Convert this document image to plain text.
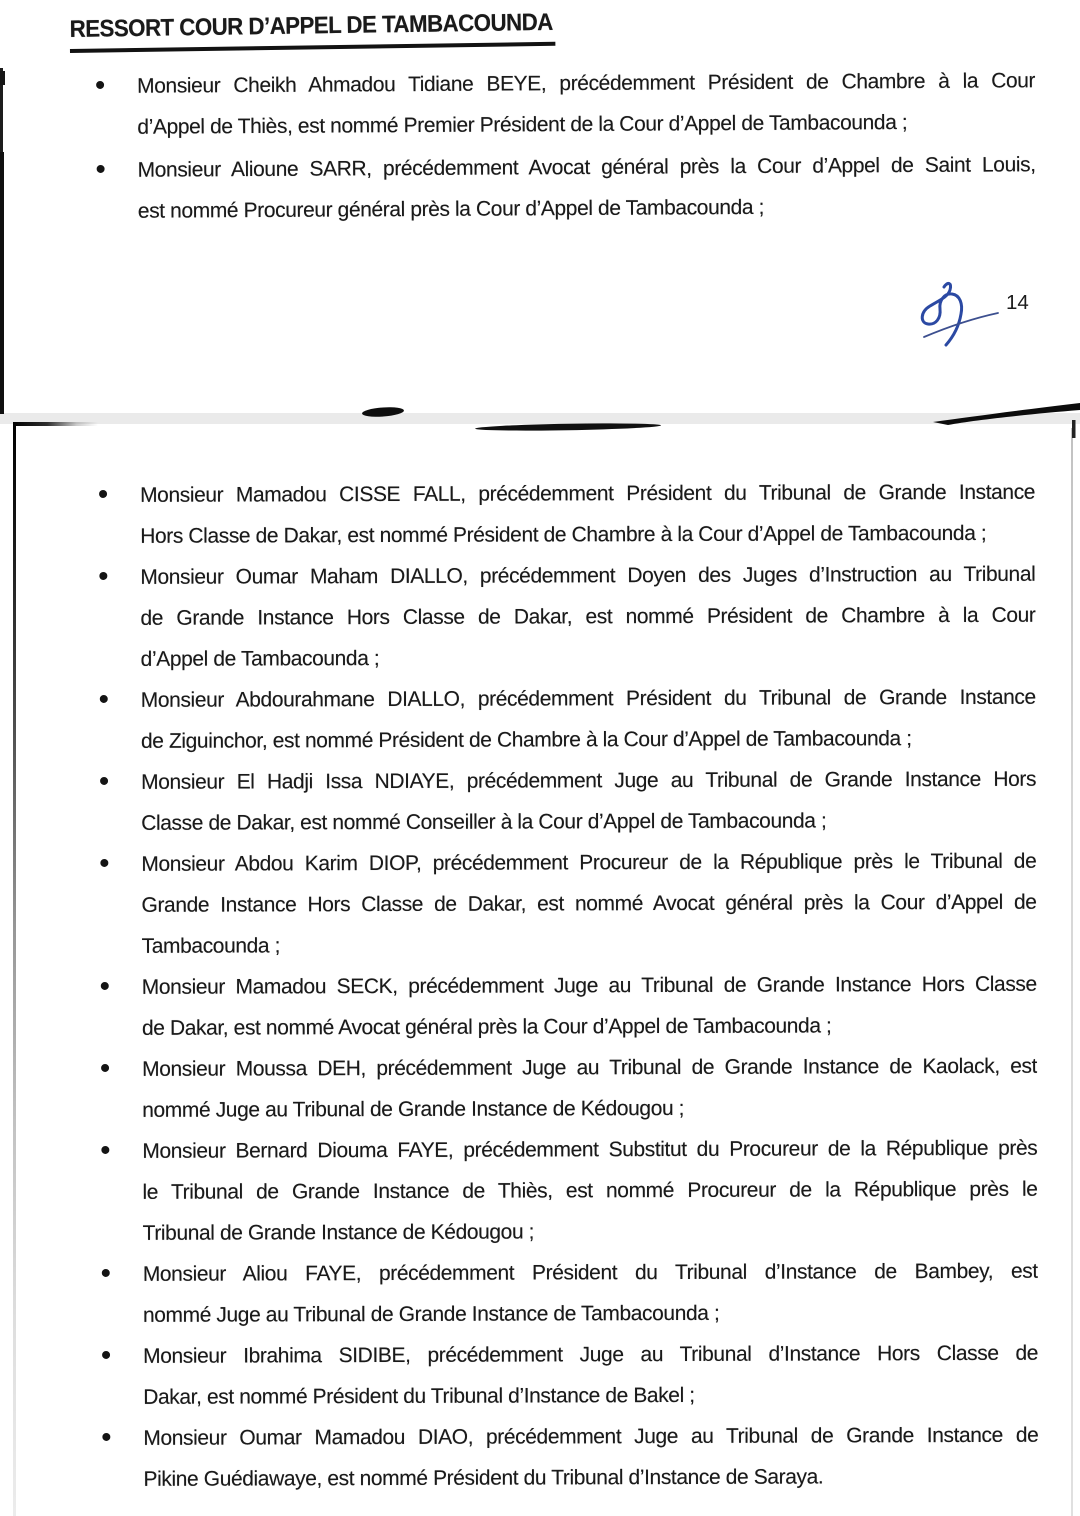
RESSORT COUR D’APPEL DE TAMBACOUNDA
Monsieur Cheikh Ahmadou Tidiane BEYE, précédemment Président de Chambre à la Cour
d’Appel de Thiès, est nommé Premier Président de la Cour d’Appel de Tambacounda ;
Monsieur Alioune SARR, précédemment Avocat général près la Cour d’Appel de Saint Louis,
est nommé Procureur général près la Cour d’Appel de Tambacounda ;
14
Monsieur Mamadou CISSE FALL, précédemment Président du Tribunal de Grande Instance
Hors Classe de Dakar, est nommé Président de Chambre à la Cour d’Appel de Tambacounda ;
Monsieur Oumar Maham DIALLO, précédemment Doyen des Juges d’Instruction au Tribunal
de Grande Instance Hors Classe de Dakar, est nommé Président de Chambre à la Cour
d’Appel de Tambacounda ;
Monsieur Abdourahmane DIALLO, précédemment Président du Tribunal de Grande Instance
de Ziguinchor, est nommé Président de Chambre à la Cour d’Appel de Tambacounda ;
Monsieur El Hadji Issa NDIAYE, précédemment Juge au Tribunal de Grande Instance Hors
Classe de Dakar, est nommé Conseiller à la Cour d’Appel de Tambacounda ;
Monsieur Abdou Karim DIOP, précédemment Procureur de la République près le Tribunal de
Grande Instance Hors Classe de Dakar, est nommé Avocat général près la Cour d’Appel de
Tambacounda ;
Monsieur Mamadou SECK, précédemment Juge au Tribunal de Grande Instance Hors Classe
de Dakar, est nommé Avocat général près la Cour d’Appel de Tambacounda ;
Monsieur Moussa DEH, précédemment Juge au Tribunal de Grande Instance de Kaolack, est
nommé Juge au Tribunal de Grande Instance de Kédougou ;
Monsieur Bernard Diouma FAYE, précédemment Substitut du Procureur de la République près
le Tribunal de Grande Instance de Thiès, est nommé Procureur de la République près le
Tribunal de Grande Instance de Kédougou ;
Monsieur Aliou FAYE, précédemment Président du Tribunal d’Instance de Bambey, est
nommé Juge au Tribunal de Grande Instance de Tambacounda ;
Monsieur Ibrahima SIDIBE, précédemment Juge au Tribunal d’Instance Hors Classe de
Dakar, est nommé Président du Tribunal d’Instance de Bakel ;
Monsieur Oumar Mamadou DIAO, précédemment Juge au Tribunal de Grande Instance de
Pikine Guédiawaye, est nommé Président du Tribunal d’Instance de Saraya.
